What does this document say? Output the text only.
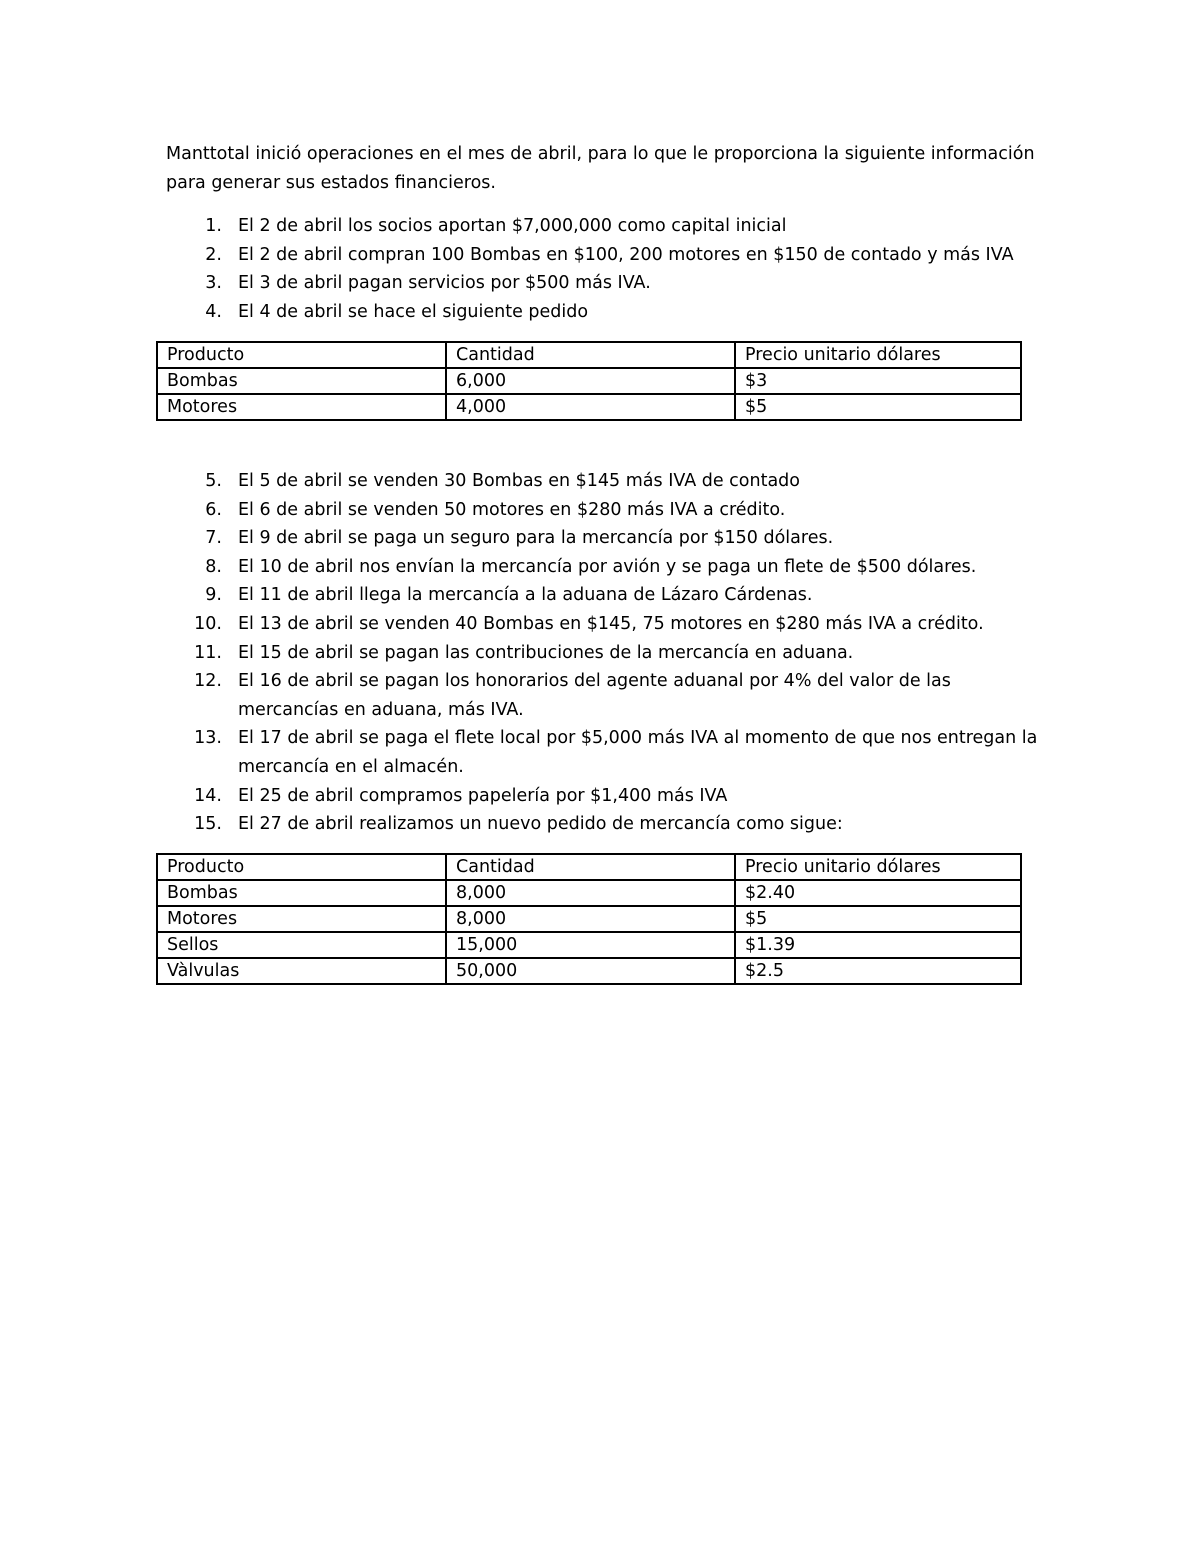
Manttotal inició operaciones en el mes de abril, para lo que le proporciona la siguiente información para generar sus estados financieros.

1. El 2 de abril los socios aportan $7,000,000 como capital inicial
2. El 2 de abril compran 100 Bombas en $100, 200 motores en $150 de contado y más IVA
3. El 3 de abril pagan servicios por $500 más IVA.
4. El 4 de abril se hace el siguiente pedido
Producto	Cantidad	Precio unitario dólares
Bombas	6,000	$3
Motores	4,000	$5
5. El 5 de abril se venden 30 Bombas en $145 más IVA de contado
6. El 6 de abril se venden 50 motores en $280 más IVA a crédito.
7. El 9 de abril se paga un seguro para la mercancía por $150 dólares.
8. El 10 de abril nos envían la mercancía por avión y se paga un flete de $500 dólares.
9. El 11 de abril llega la mercancía a la aduana de Lázaro Cárdenas.
10. El 13 de abril se venden 40 Bombas en $145, 75 motores en $280 más IVA a crédito.
11. El 15 de abril se pagan las contribuciones de la mercancía en aduana.
12. El 16 de abril se pagan los honorarios del agente aduanal por 4% del valor de las mercancías en aduana, más IVA.
13. El 17 de abril se paga el flete local por $5,000 más IVA al momento de que nos entregan la mercancía en el almacén.
14. El 25 de abril compramos papelería por $1,400 más IVA
15. El 27 de abril realizamos un nuevo pedido de mercancía como sigue:
Producto	Cantidad	Precio unitario dólares
Bombas	8,000	$2.40
Motores	8,000	$5
Sellos	15,000	$1.39
Vàlvulas	50,000	$2.5
